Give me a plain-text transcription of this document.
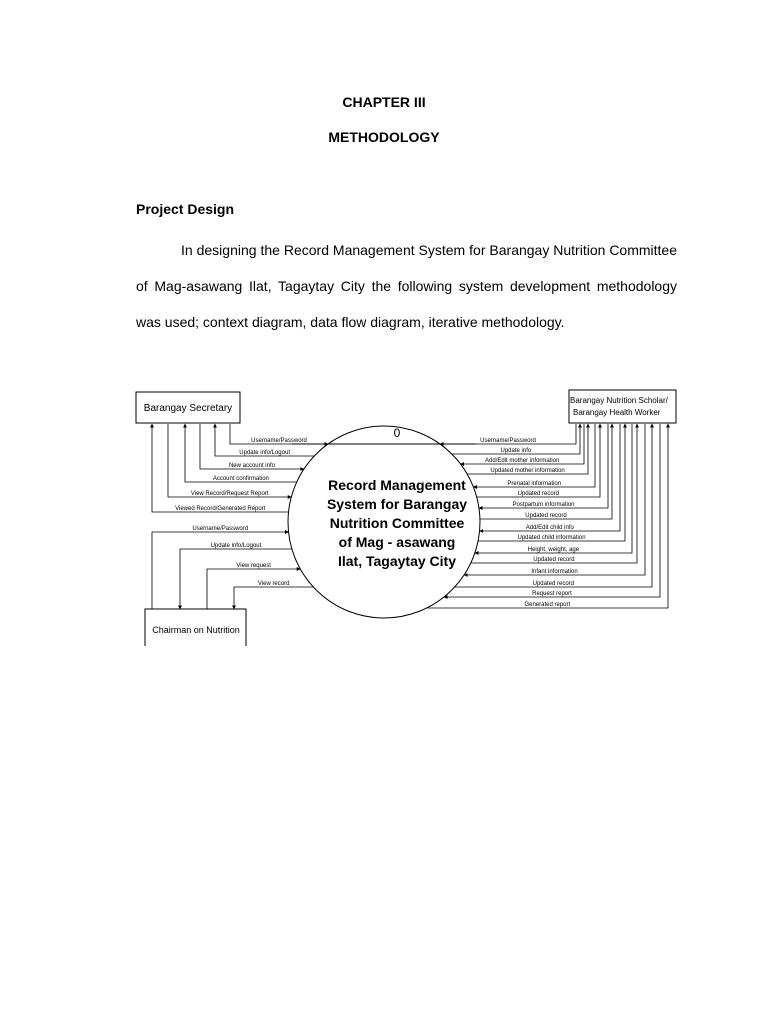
CHAPTER III
METHODOLOGY
Project Design

In designing the Record Management System for Barangay Nutrition Committee of Mag-asawang Ilat, Tagaytay City the following system development methodology was used; context diagram, data flow diagram, iterative methodology.

Barangay Secretary
Barangay Nutrition Scholar/
Barangay Health Worker
Chairman on Nutrition
0
Record Management
System for Barangay
Nutrition Committee
of Mag - asawang
Ilat, Tagaytay City
Username/Password
Update info/Logout
New account info
Account confirmation
View Record/Request Report
Viewed Record/Generated Report
Username/Password
Update info/Logout
View request
View record
Username/Password
Update info
Add/Edit mother information
Updated mother information
Prenatal information
Updated record
Postpartum information
Updated record
Add/Edit child info
Updated child information
Height, weight, age
Updated record
Infant information
Updated record
Request report
Generated report
